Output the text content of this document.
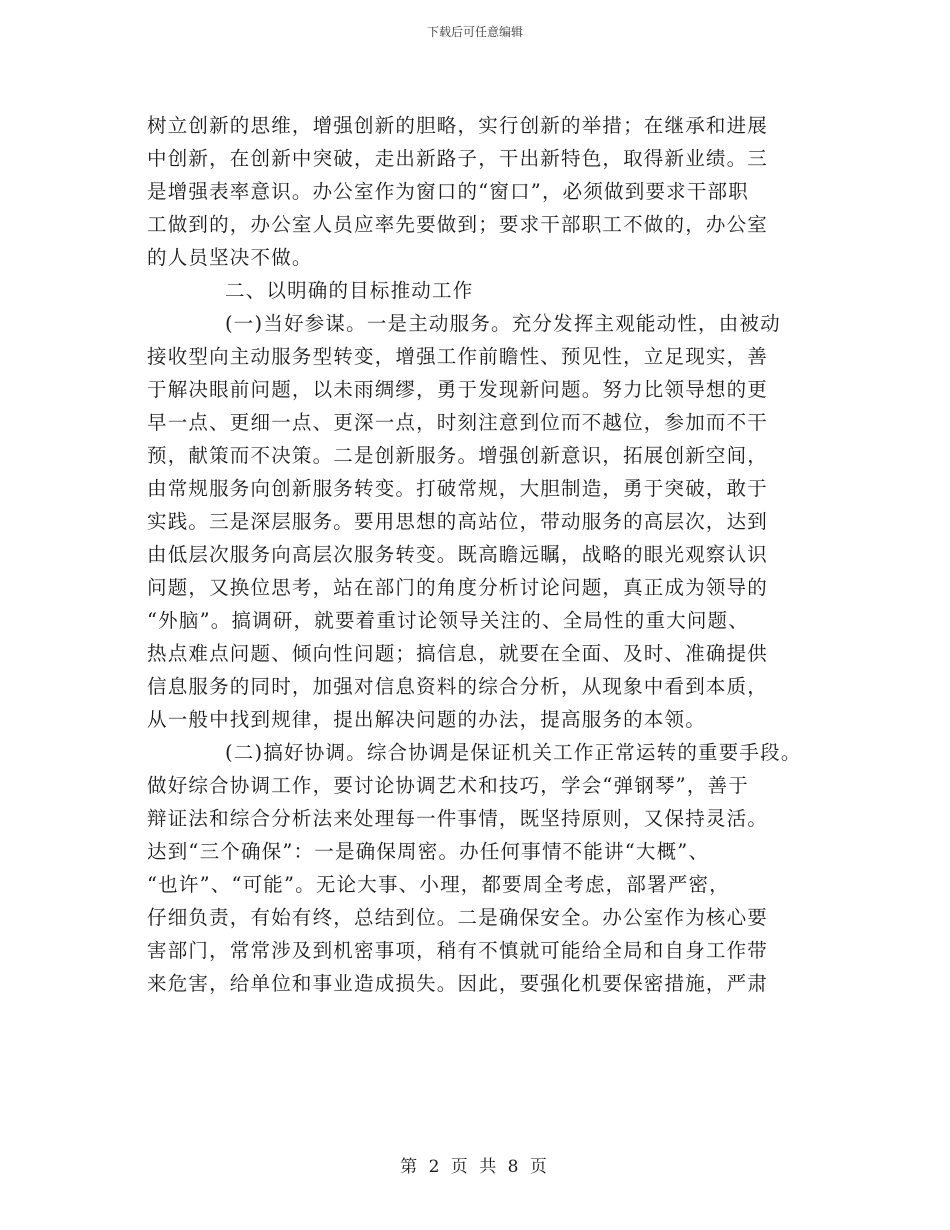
下载后可任意编辑
树立创新的思维，增强创新的胆略，实行创新的举措；在继承和进展
中创新，在创新中突破，走出新路子，干出新特色，取得新业绩。三
是增强表率意识。办公室作为窗口的“窗口”，必须做到要求干部职
工做到的，办公室人员应率先要做到；要求干部职工不做的，办公室
的人员坚决不做。
二、以明确的目标推动工作
(一)当好参谋。一是主动服务。充分发挥主观能动性，由被动
接收型向主动服务型转变，增强工作前瞻性、预见性，立足现实，善
于解决眼前问题，以未雨绸缪，勇于发现新问题。努力比领导想的更
早一点、更细一点、更深一点，时刻注意到位而不越位，参加而不干
预，献策而不决策。二是创新服务。增强创新意识，拓展创新空间，
由常规服务向创新服务转变。打破常规，大胆制造，勇于突破，敢于
实践。三是深层服务。要用思想的高站位，带动服务的高层次，达到
由低层次服务向高层次服务转变。既高瞻远瞩，战略的眼光观察认识
问题，又换位思考，站在部门的角度分析讨论问题，真正成为领导的
“外脑”。搞调研，就要着重讨论领导关注的、全局性的重大问题、
热点难点问题、倾向性问题；搞信息，就要在全面、及时、准确提供
信息服务的同时，加强对信息资料的综合分析，从现象中看到本质，
从一般中找到规律，提出解决问题的办法，提高服务的本领。
(二)搞好协调。综合协调是保证机关工作正常运转的重要手段。
做好综合协调工作，要讨论协调艺术和技巧，学会“弹钢琴”，善于
辩证法和综合分析法来处理每一件事情，既坚持原则，又保持灵活。
达到“三个确保”：一是确保周密。办任何事情不能讲“大概”、
“也许”、“可能”。无论大事、小理，都要周全考虑，部署严密，
仔细负责，有始有终，总结到位。二是确保安全。办公室作为核心要
害部门，常常涉及到机密事项，稍有不慎就可能给全局和自身工作带
来危害，给单位和事业造成损失。因此，要强化机要保密措施，严肃
第 2 页 共 8 页
